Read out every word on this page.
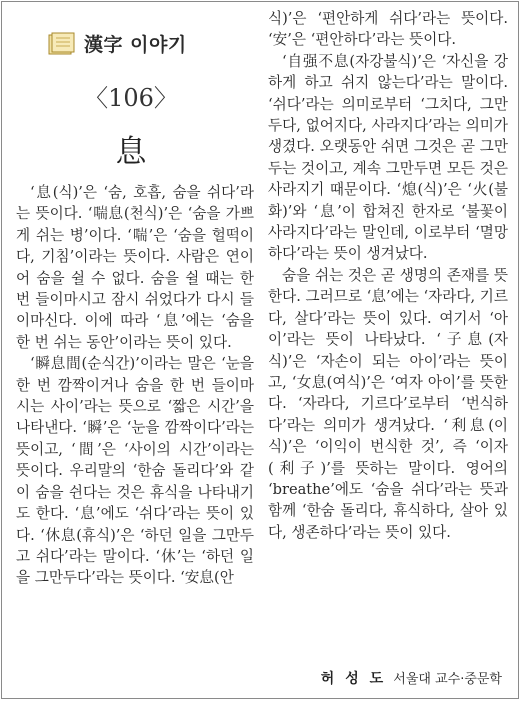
漢字 이야기
〈106〉
息

‘息(식)’은 ‘숨, 호흡, 숨을 쉬다’라는 뜻이다. ‘喘息(천식)’은 ‘숨을 가쁘게 쉬는 병’이다. ‘喘’은 ‘숨을 헐떡이다, 기침’이라는 뜻이다. 사람은 연이어 숨을 쉴 수 없다. 숨을 쉴 때는 한 번 들이마시고 잠시 쉬었다가 다시 들이마신다. 이에 따라 ‘息’에는 ‘숨을 한 번 쉬는 동안’이라는 뜻이 있다.

‘瞬息間(순식간)’이라는 말은 ‘눈을 한 번 깜짝이거나 숨을 한 번 들이마시는 사이’라는 뜻으로 ‘짧은 시간’을 나타낸다. ‘瞬’은 ‘눈을 깜짝이다’라는 뜻이고, ‘間’은 ‘사이의 시간’이라는 뜻이다. 우리말의 ‘한숨 돌리다’와 같이 숨을 쉰다는 것은 휴식을 나타내기도 한다. ‘息’에도 ‘쉬다’라는 뜻이 있다. ‘休息(휴식)’은 ‘하던 일을 그만두고 쉬다’라는 말이다. ‘休’는 ‘하던 일을 그만두다’라는 뜻이다. ‘安息(안

식)’은 ‘편안하게 쉬다’라는 뜻이다. ‘安’은 ‘편안하다’라는 뜻이다.

‘自强不息(자강불식)’은 ‘자신을 강하게 하고 쉬지 않는다’라는 말이다. ‘쉬다’라는 의미로부터 ‘그치다, 그만두다, 없어지다, 사라지다’라는 의미가 생겼다. 오랫동안 쉬면 그것은 곧 그만두는 것이고, 계속 그만두면 모든 것은 사라지기 때문이다. ‘熄(식)’은 ‘火(불 화)’와 ‘息’이 합쳐진 한자로 ‘불꽃이 사라지다’라는 말인데, 이로부터 ‘멸망하다’라는 뜻이 생겨났다.

숨을 쉬는 것은 곧 생명의 존재를 뜻한다. 그러므로 ‘息’에는 ‘자라다, 기르다, 살다’라는 뜻이 있다. 여기서 ‘아이’라는 뜻이 나타났다. ‘子息(자식)’은 ‘자손이 되는 아이’라는 뜻이고, ‘女息(여식)’은 ‘여자 아이’를 뜻한다. ‘자라다, 기르다’로부터 ‘번식하다’라는 의미가 생겨났다. ‘利息(이식)’은 ‘이익이 번식한 것’, 즉 ‘이자(利子)’를 뜻하는 말이다. 영어의 ‘breathe’에도 ‘숨을 쉬다’라는 뜻과 함께 ‘한숨 돌리다, 휴식하다, 살아 있다, 생존하다’라는 뜻이 있다.

허 성 도 서울대 교수·중문학
